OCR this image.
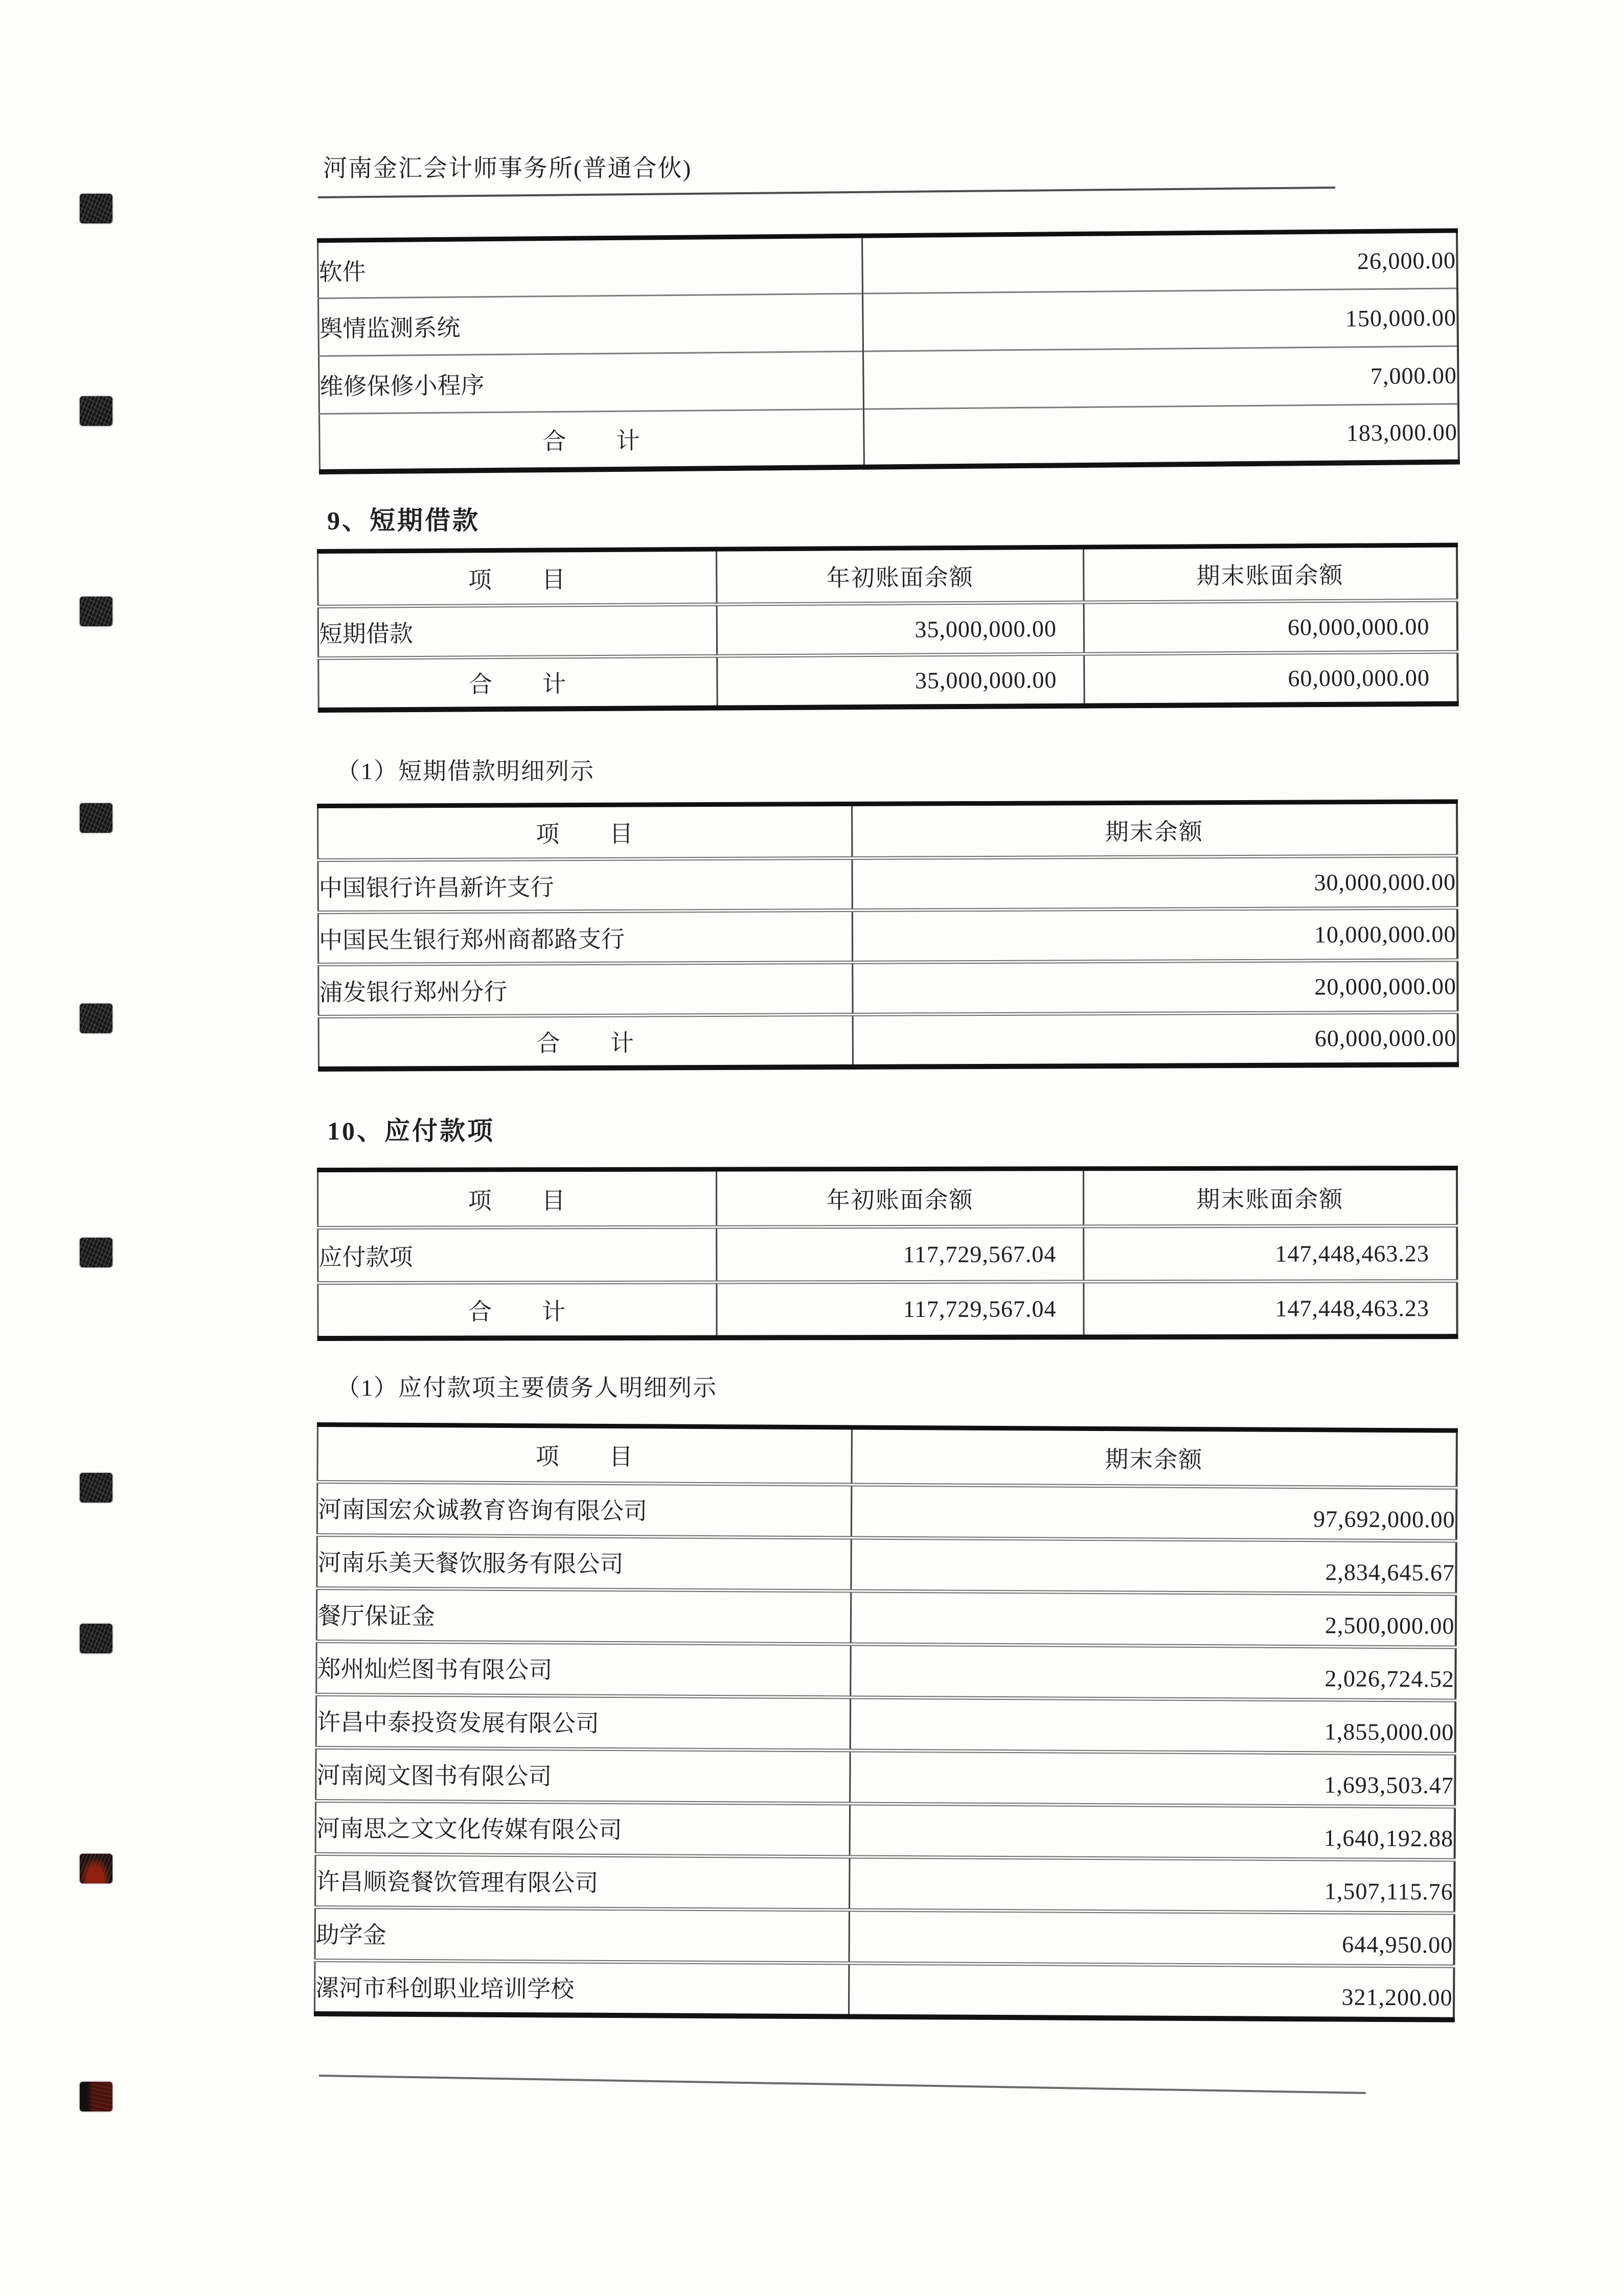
河南金汇会计师事务所(普通合伙)
软件	26,000.00
舆情监测系统	150,000.00
维修保修小程序	7,000.00
合　　计	183,000.00
9、短期借款
项　　目	年初账面余额	期末账面余额
短期借款	35,000,000.00	60,000,000.00
合　　计	35,000,000.00	60,000,000.00
（1）短期借款明细列示
项　　目	期末余额
中国银行许昌新许支行	30,000,000.00
中国民生银行郑州商都路支行	10,000,000.00
浦发银行郑州分行	20,000,000.00
合　　计	60,000,000.00
10、应付款项
项　　目	年初账面余额	期末账面余额
应付款项	117,729,567.04	147,448,463.23
合　　计	117,729,567.04	147,448,463.23
（1）应付款项主要债务人明细列示
项　　目	期末余额
河南国宏众诚教育咨询有限公司	97,692,000.00
河南乐美天餐饮服务有限公司	2,834,645.67
餐厅保证金	2,500,000.00
郑州灿烂图书有限公司	2,026,724.52
许昌中泰投资发展有限公司	1,855,000.00
河南阅文图书有限公司	1,693,503.47
河南思之文文化传媒有限公司	1,640,192.88
许昌顺瓷餐饮管理有限公司	1,507,115.76
助学金	644,950.00
漯河市科创职业培训学校	321,200.00
